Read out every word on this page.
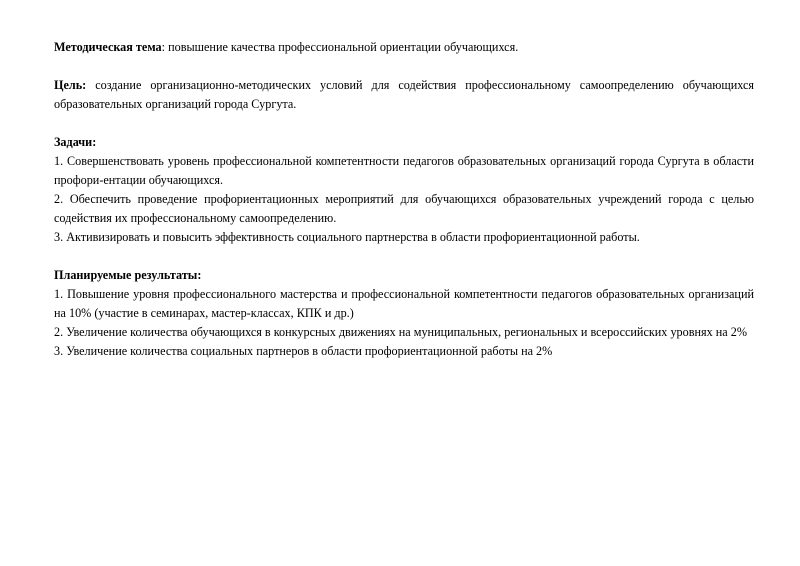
Методическая тема: повышение качества профессиональной ориентации обучающихся.

Цель: создание организационно-методических условий для содействия профессиональному самоопределению обучающихся образовательных организаций города Сургута.

Задачи:

1. Совершенствовать уровень профессиональной компетентности педагогов образовательных организаций города Сургута в области профори-ентации обучающихся.

2. Обеспечить проведение профориентационных мероприятий для обучающихся образовательных учреждений города с целью содействия их профессиональному самоопределению.

3. Активизировать и повысить эффективность социального партнерства в области профориентационной работы.

Планируемые результаты:

1. Повышение уровня профессионального мастерства и профессиональной компетентности педагогов образовательных организаций на 10% (участие в семинарах, мастер-классах, КПК и др.)

2. Увеличение количества обучающихся в конкурсных движениях на муниципальных, региональных и всероссийских уровнях на 2%

3. Увеличение количества социальных партнеров в области профориентационной работы на 2%
